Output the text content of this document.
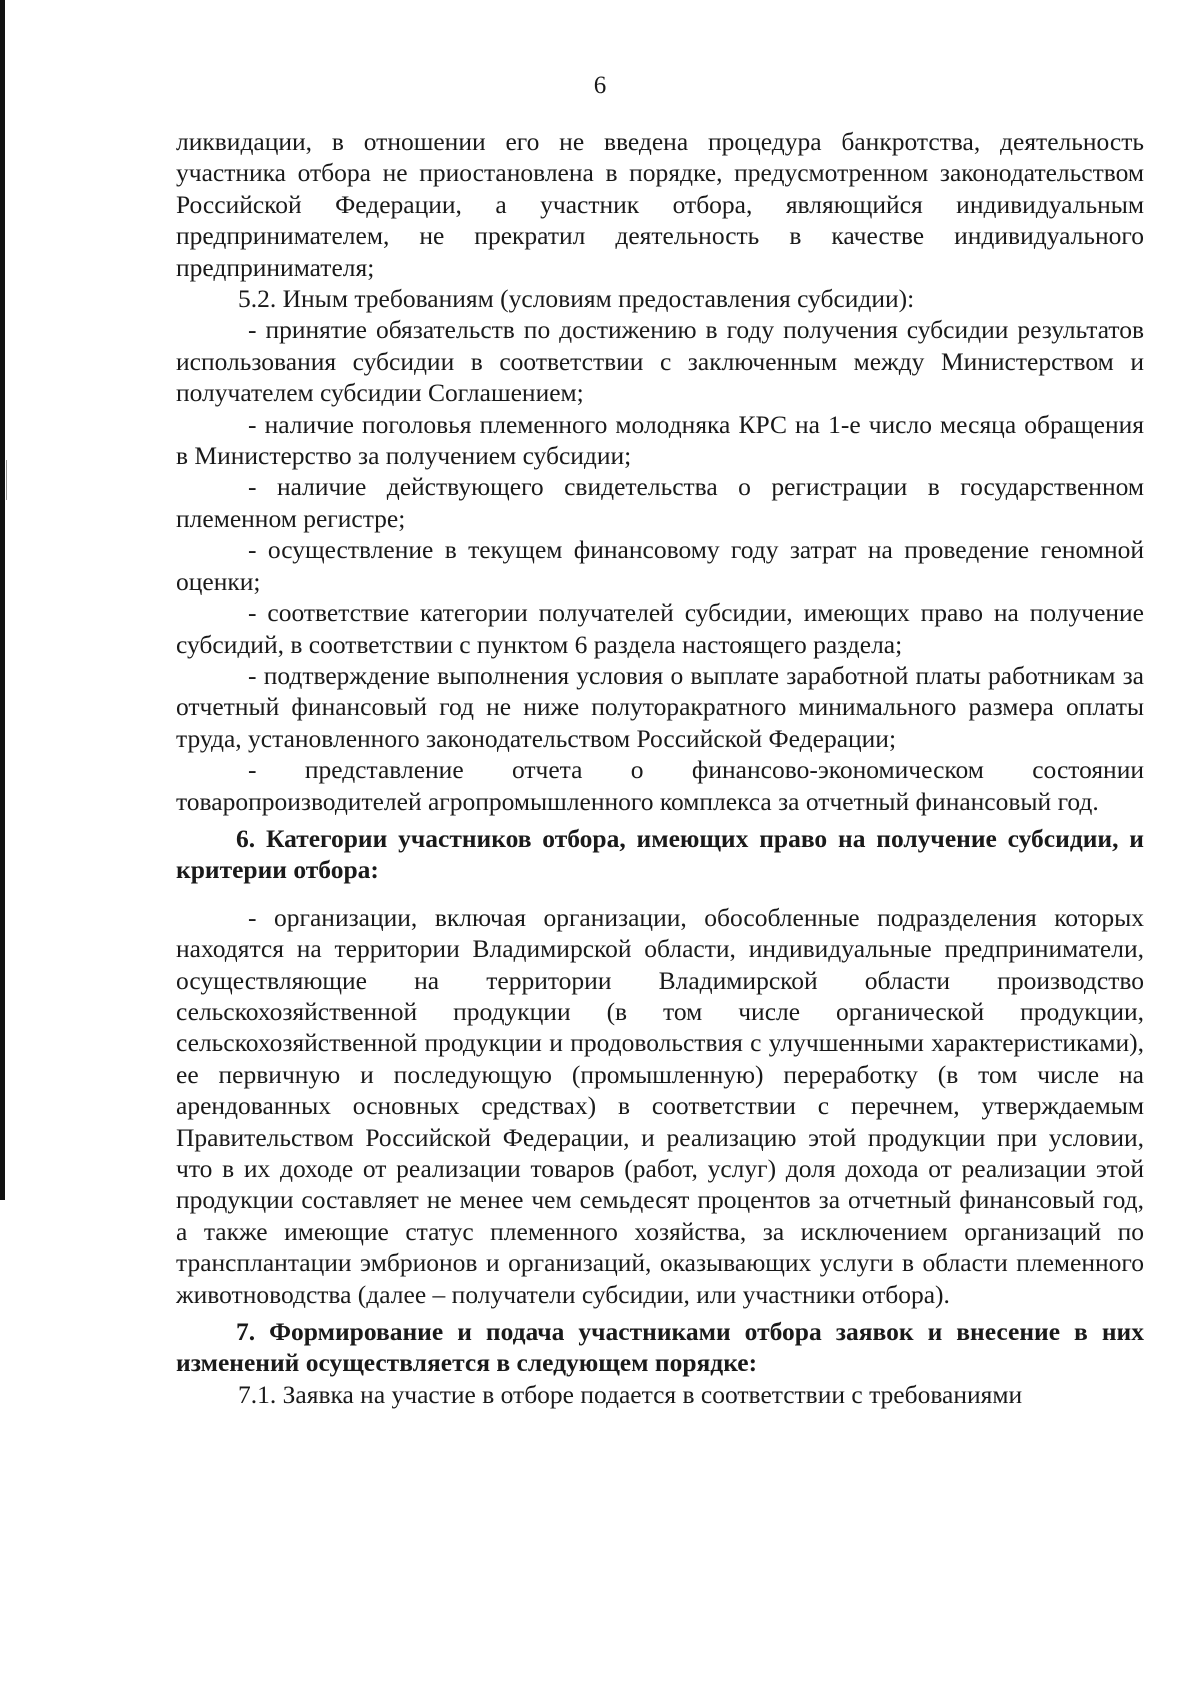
6

ликвидации, в отношении его не введена процедура банкротства, деятельность участника отбора не приостановлена в порядке, предусмотренном законодательством Российской Федерации, а участник отбора, являющийся индивидуальным предпринимателем, не прекратил деятельность в качестве индивидуального предпринимателя;

5.2. Иным требованиям (условиям предоставления субсидии):

- принятие обязательств по достижению в году получения субсидии результатов использования субсидии в соответствии с заключенным между Министерством и получателем субсидии Соглашением;

- наличие поголовья племенного молодняка КРС на 1-е число месяца обращения в Министерство за получением субсидии;

- наличие действующего свидетельства о регистрации в государственном племенном регистре;

- осуществление в текущем финансовому году затрат на проведение геномной оценки;

- соответствие категории получателей субсидии, имеющих право на получение субсидий, в соответствии с пунктом 6 раздела настоящего раздела;

- подтверждение выполнения условия о выплате заработной платы работникам за отчетный финансовый год не ниже полуторакратного минимального размера оплаты труда, установленного законодательством Российской Федерации;

- представление отчета о финансово-экономическом состоянии товаропроизводителей агропромышленного комплекса за отчетный финансовый год.

6. Категории участников отбора, имеющих право на получение субсидии, и критерии отбора:

- организации, включая организации, обособленные подразделения которых находятся на территории Владимирской области, индивидуальные предприниматели, осуществляющие на территории Владимирской области производство сельскохозяйственной продукции (в том числе органической продукции, сельскохозяйственной продукции и продовольствия с улучшенными характеристиками), ее первичную и последующую (промышленную) переработку (в том числе на арендованных основных средствах) в соответствии с перечнем, утверждаемым Правительством Российской Федерации, и реализацию этой продукции при условии, что в их доходе от реализации товаров (работ, услуг) доля дохода от реализации этой продукции составляет не менее чем семьдесят процентов за отчетный финансовый год, а также имеющие статус племенного хозяйства, за исключением организаций по трансплантации эмбрионов и организаций, оказывающих услуги в области племенного животноводства (далее – получатели субсидии, или участники отбора).

7. Формирование и подача участниками отбора заявок и внесение в них изменений осуществляется в следующем порядке:

7.1. Заявка на участие в отборе подается в соответствии с требованиями
